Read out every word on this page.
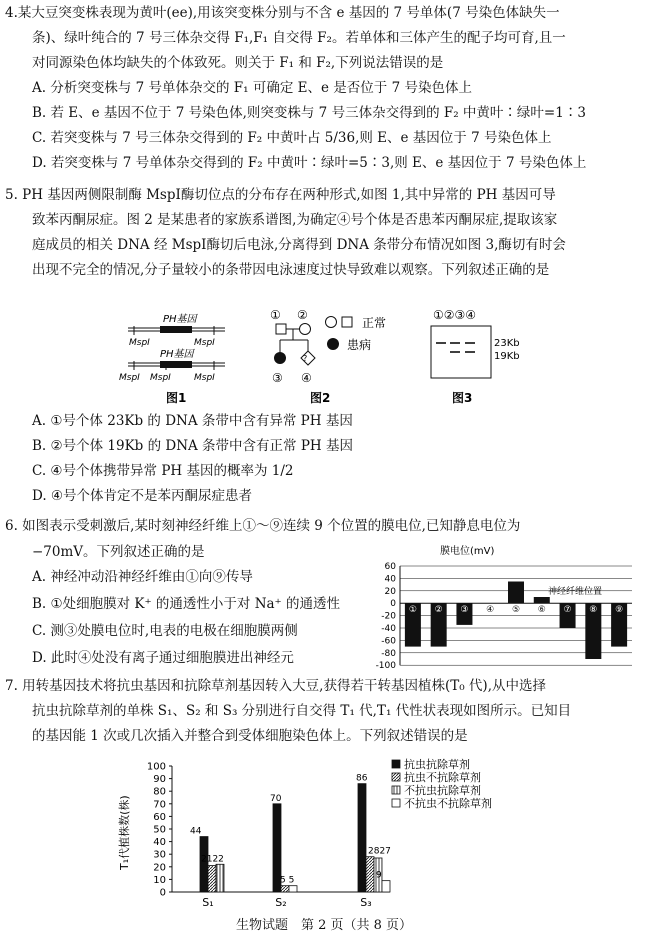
4.某大豆突变株表现为黄叶(ee),用该突变株分别与不含 e 基因的 7 号单体(7 号染色体缺失一
条)、绿叶纯合的 7 号三体杂交得 F₁,F₁ 自交得 F₂。若单体和三体产生的配子均可育,且一
对同源染色体均缺失的个体致死。则关于 F₁ 和 F₂,下列说法错误的是
A. 分析突变株与 7 号单体杂交的 F₁ 可确定 E、e 是否位于 7 号染色体上
B. 若 E、e 基因不位于 7 号染色体,则突变株与 7 号三体杂交得到的 F₂ 中黄叶∶绿叶=1∶3
C. 若突变株与 7 号三体杂交得到的 F₂ 中黄叶占 5/36,则 E、e 基因位于 7 号染色体上
D. 若突变株与 7 号单体杂交得到的 F₂ 中黄叶∶绿叶=5∶3,则 E、e 基因位于 7 号染色体上
5. PH 基因两侧限制酶 MspⅠ酶切位点的分布存在两种形式,如图 1,其中异常的 PH 基因可导
致苯丙酮尿症。图 2 是某患者的家族系谱图,为确定④号个体是否患苯丙酮尿症,提取该家
庭成员的相关 DNA 经 MspⅠ酶切后电泳,分离得到 DNA 条带分布情况如图 3,酶切有时会
出现不完全的情况,分子量较小的条带因电泳速度过快导致难以观察。下列叙述正确的是
PH基因
MspⅠ	MspⅠ
PH基因
MspⅠ MspⅠ	MspⅠ
图1
① ②
?
③ ④
正常
患病
图2
①②③④
23Kb
19Kb
图3
A. ①号个体 23Kb 的 DNA 条带中含有异常 PH 基因
B. ②号个体 19Kb 的 DNA 条带中含有正常 PH 基因
C. ④号个体携带异常 PH 基因的概率为 1/2
D. ④号个体肯定不是苯丙酮尿症患者
6. 如图表示受刺激后,某时刻神经纤维上①～⑨连续 9 个位置的膜电位,已知静息电位为
−70mV。下列叙述正确的是
A. 神经冲动沿神经纤维由①向⑨传导
B. ①处细胞膜对 K⁺ 的通透性小于对 Na⁺ 的通透性
C. 测③处膜电位时,电表的电极在细胞膜两侧
D. 此时④处没有离子通过细胞膜进出神经元
膜电位(mV)
神经纤维位置
60
40
20
0
-20
-40
-60
-80
-100
① ② ③ ④ ⑤ ⑥ ⑦ ⑧ ⑨
7. 用转基因技术将抗虫基因和抗除草剂基因转入大豆,获得若干转基因植株(T₀ 代),从中选择
抗虫抗除草剂的单株 S₁、S₂ 和 S₃ 分别进行自交得 T₁ 代,T₁ 代性状表现如图所示。已知目
的基因能 1 次或几次插入并整合到受体细胞染色体上。下列叙述错误的是
T₁代植株数(株)
0
10
20
30
40
50
60
70
80
90
100
44
2122
70
5 5
86
2827
9
S₁	S₂	S₃
抗虫抗除草剂
抗虫不抗除草剂
不抗虫抗除草剂
不抗虫不抗除草剂
生物试题　第 2 页（共 8 页）
